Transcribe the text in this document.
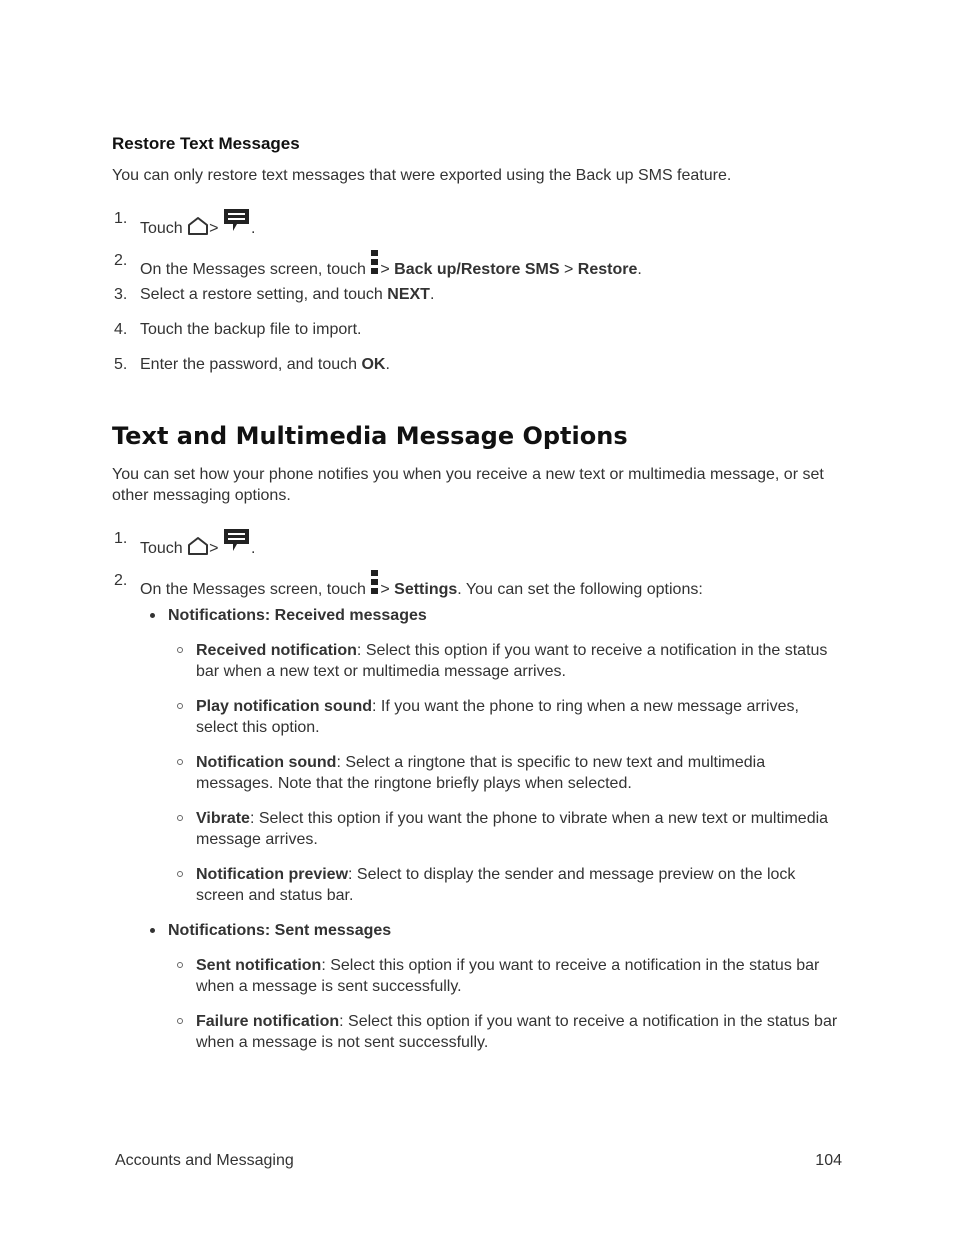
Restore Text Messages

You can only restore text messages that were exported using the Back up SMS feature.

1.
Touch > .
2.
On the Messages screen, touch > Back up/Restore SMS > Restore.
3. Select a restore setting, and touch NEXT.
4. Touch the backup file to import.
5. Enter the password, and touch OK.
Text and Multimedia Message Options

You can set how your phone notifies you when you receive a new text or multimedia message, or set other messaging options.

1.
Touch > .
2.
On the Messages screen, touch > Settings. You can set the following options:
Notifications: Received messages

Received notification: Select this option if you want to receive a notification in the status bar when a new text or multimedia message arrives.

Play notification sound: If you want the phone to ring when a new message arrives, select this option.

Notification sound: Select a ringtone that is specific to new text and multimedia messages. Note that the ringtone briefly plays when selected.

Vibrate: Select this option if you want the phone to vibrate when a new text or multimedia message arrives.

Notification preview: Select to display the sender and message preview on the lock screen and status bar.

Notifications: Sent messages

Sent notification: Select this option if you want to receive a notification in the status bar when a message is sent successfully.

Failure notification: Select this option if you want to receive a notification in the status bar when a message is not sent successfully.

Accounts and Messaging	104
